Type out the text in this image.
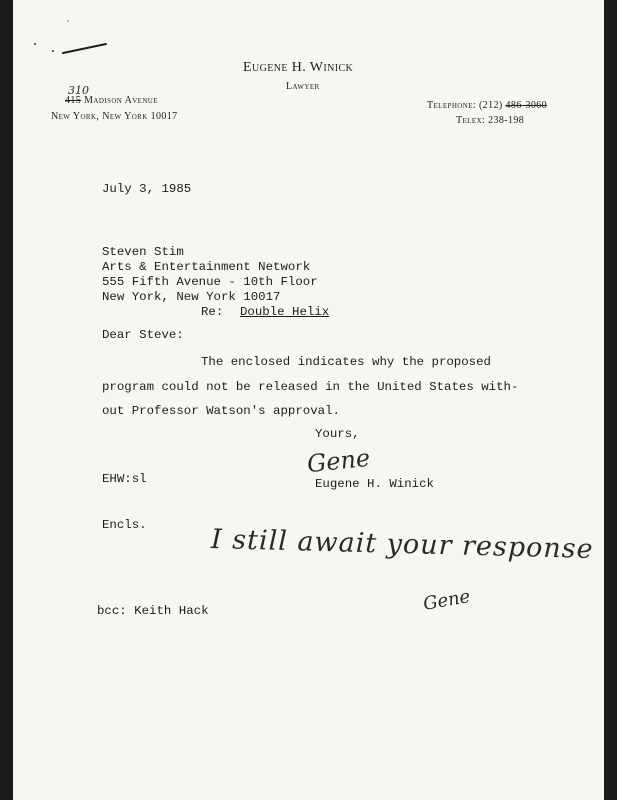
Eugene H. Winick
Lawyer
310
415 Madison Avenue
New York, New York 10017
Telephone: (212) 486-3060
Telex: 238-198
July 3, 1985
Steven Stim
Arts & Entertainment Network
555 Fifth Avenue - 10th Floor
New York, New York 10017
Re: Double Helix
Dear Steve:
The enclosed indicates why the proposed
program could not be released in the United States with-
out Professor Watson's approval.
Yours,
Gene
Eugene H. Winick
EHW:sl
Encls. I still await your response
Gene
bcc: Keith Hack
